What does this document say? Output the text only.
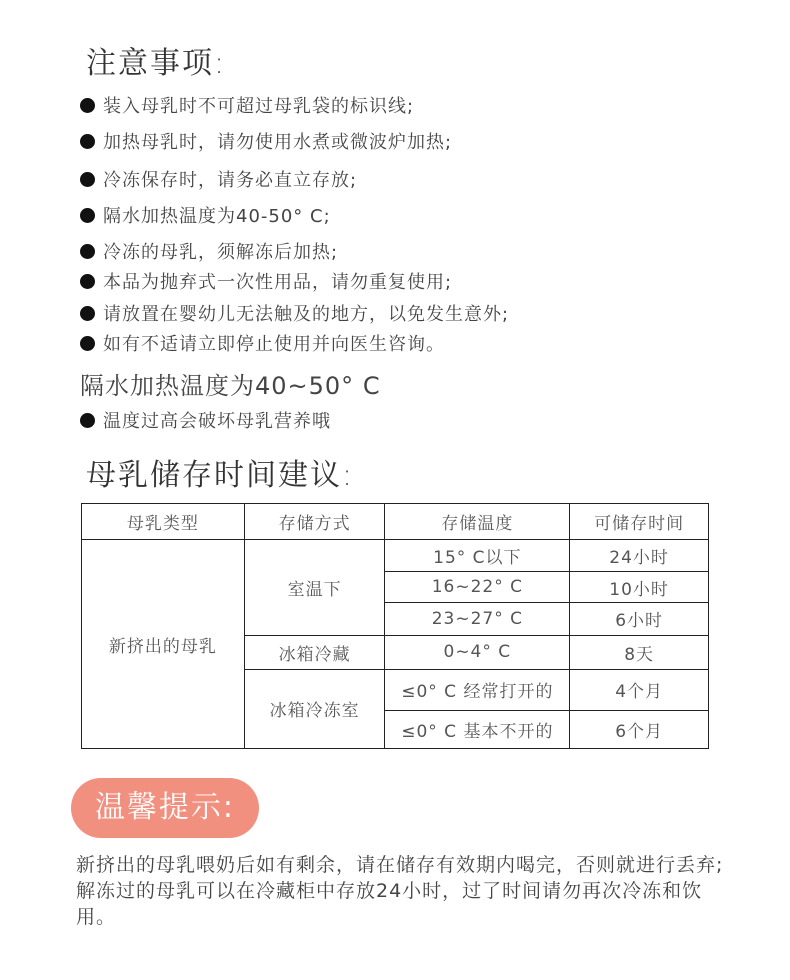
注意事项:
装入母乳时不可超过母乳袋的标识线;
加热母乳时，请勿使用水煮或微波炉加热;
冷冻保存时，请务必直立存放;
隔水加热温度为40-50° C;
冷冻的母乳，须解冻后加热;
本品为抛弃式一次性用品，请勿重复使用;
请放置在婴幼儿无法触及的地方，以免发生意外;
如有不适请立即停止使用并向医生咨询。
隔水加热温度为40~50° C
温度过高会破坏母乳营养哦
母乳储存时间建议:
母乳类型	存储方式	存储温度	可储存时间
新挤出的母乳	室温下	15° C以下	24小时
		16~22° C	10小时
		23~27° C	6小时
	冰箱冷藏	0~4° C	8天
	冰箱冷冻室	≤0° C 经常打开的	4个月
		≤0° C 基本不开的	6个月
温馨提示:

新挤出的母乳喂奶后如有剩余，请在储存有效期内喝完，否则就进行丢弃; 解冻过的母乳可以在冷藏柜中存放24小时，过了时间请勿再次冷冻和饮用。
